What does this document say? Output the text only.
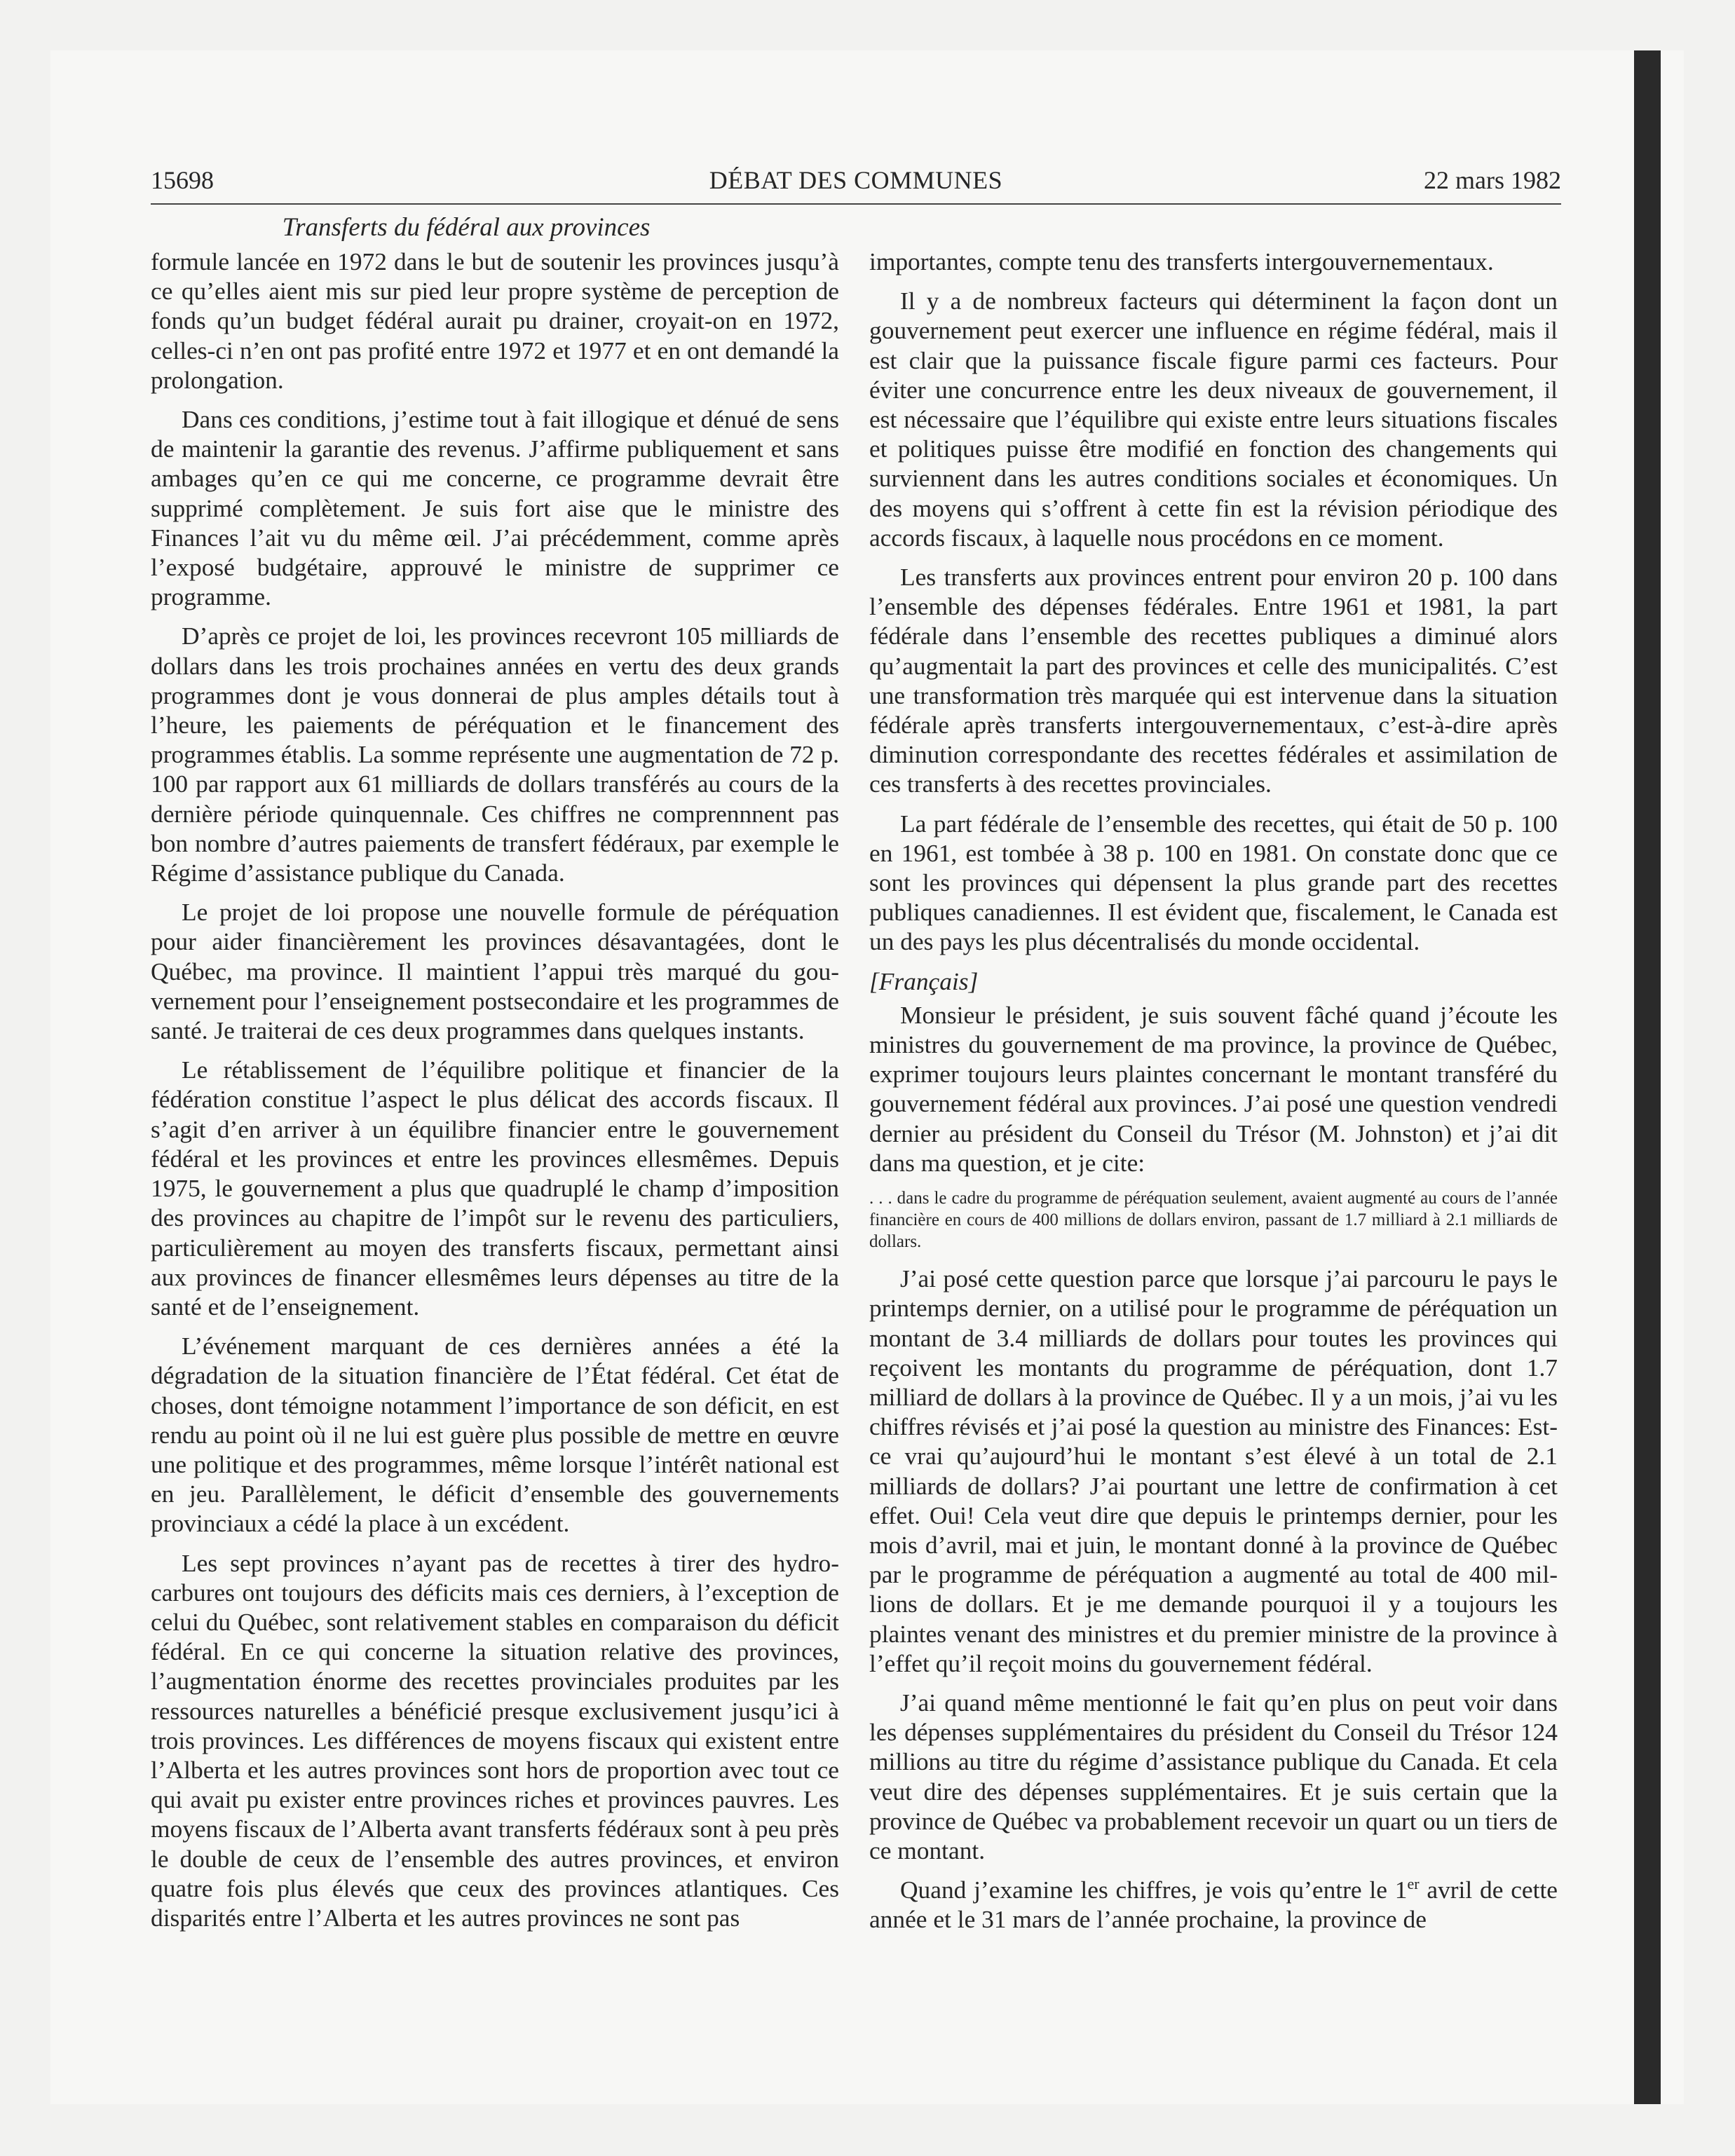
15698	DÉBAT DES COMMUNES	22 mars 1982
Transferts du fédéral aux provinces

formule lancée en 1972 dans le but de soutenir les provinces jusqu’à ce qu’elles aient mis sur pied leur propre système de perception de fonds qu’un budget fédéral aurait pu drainer, croyait-on en 1972, celles-ci n’en ont pas profité entre 1972 et 1977 et en ont demandé la prolongation.

Dans ces conditions, j’estime tout à fait illogique et dénué de sens de maintenir la garantie des revenus. J’affirme publiquement et sans ambages qu’en ce qui me concerne, ce programme devrait être supprimé complètement. Je suis fort aise que le ministre des Finances l’ait vu du même œil. J’ai précédemment, comme après l’exposé budgétaire, approuvé le ministre de supprimer ce programme.

D’après ce projet de loi, les provinces recevront 105 milliards de dollars dans les trois prochaines années en vertu des deux grands programmes dont je vous donnerai de plus amples détails tout à l’heure, les paiements de péréquation et le financement des programmes établis. La somme représente une augmentation de 72 p. 100 par rapport aux 61 milliards de dollars transférés au cours de la dernière période quinquennale. Ces chiffres ne comprennnent pas bon nombre d’autres paiements de transfert fédéraux, par exemple le Régime d’assistance publique du Canada.

Le projet de loi propose une nouvelle formule de péréquation pour aider financièrement les provinces désavantagées, dont le Québec, ma province. Il maintient l’appui très marqué du gouvernement pour l’enseignement postsecondaire et les programmes de santé. Je traiterai de ces deux programmes dans quelques instants.

Le rétablissement de l’équilibre politique et financier de la fédération constitue l’aspect le plus délicat des accords fiscaux. Il s’agit d’en arriver à un équilibre financier entre le gouvernement fédéral et les provinces et entre les provinces ellesmêmes. Depuis 1975, le gouvernement a plus que quadruplé le champ d’imposition des provinces au chapitre de l’impôt sur le revenu des particuliers, particulièrement au moyen des transferts fiscaux, permettant ainsi aux provinces de financer ellesmêmes leurs dépenses au titre de la santé et de l’enseignement.

L’événement marquant de ces dernières années a été la dégradation de la situation financière de l’État fédéral. Cet état de choses, dont témoigne notamment l’importance de son déficit, en est rendu au point où il ne lui est guère plus possible de mettre en œuvre une politique et des programmes, même lorsque l’intérêt national est en jeu. Parallèlement, le déficit d’ensemble des gouvernements provinciaux a cédé la place à un excédent.

Les sept provinces n’ayant pas de recettes à tirer des hydrocarbures ont toujours des déficits mais ces derniers, à l’exception de celui du Québec, sont relativement stables en comparaison du déficit fédéral. En ce qui concerne la situation relative des provinces, l’augmentation énorme des recettes provinciales produites par les ressources naturelles a bénéficié presque exclusivement jusqu’ici à trois provinces. Les différences de moyens fiscaux qui existent entre l’Alberta et les autres provinces sont hors de proportion avec tout ce qui avait pu exister entre provinces riches et provinces pauvres. Les moyens fiscaux de l’Alberta avant transferts fédéraux sont à peu près le double de ceux de l’ensemble des autres provinces, et environ quatre fois plus élevés que ceux des provinces atlantiques. Ces disparités entre l’Alberta et les autres provinces ne sont pas

importantes, compte tenu des transferts intergouvernementaux.

Il y a de nombreux facteurs qui déterminent la façon dont un gouvernement peut exercer une influence en régime fédéral, mais il est clair que la puissance fiscale figure parmi ces facteurs. Pour éviter une concurrence entre les deux niveaux de gouvernement, il est nécessaire que l’équilibre qui existe entre leurs situations fiscales et politiques puisse être modifié en fonction des changements qui surviennent dans les autres conditions sociales et économiques. Un des moyens qui s’offrent à cette fin est la révision périodique des accords fiscaux, à laquelle nous procédons en ce moment.

Les transferts aux provinces entrent pour environ 20 p. 100 dans l’ensemble des dépenses fédérales. Entre 1961 et 1981, la part fédérale dans l’ensemble des recettes publiques a diminué alors qu’augmentait la part des provinces et celle des municipalités. C’est une transformation très marquée qui est intervenue dans la situation fédérale après transferts intergouvernementaux, c’est-à-dire après diminution correspondante des recettes fédérales et assimilation de ces transferts à des recettes provinciales.

La part fédérale de l’ensemble des recettes, qui était de 50 p. 100 en 1961, est tombée à 38 p. 100 en 1981. On constate donc que ce sont les provinces qui dépensent la plus grande part des recettes publiques canadiennes. Il est évident que, fiscalement, le Canada est un des pays les plus décentralisés du monde occidental.

[Français]

Monsieur le président, je suis souvent fâché quand j’écoute les ministres du gouvernement de ma province, la province de Québec, exprimer toujours leurs plaintes concernant le montant transféré du gouvernement fédéral aux provinces. J’ai posé une question vendredi dernier au président du Conseil du Trésor (M. Johnston) et j’ai dit dans ma question, et je cite:

. . . dans le cadre du programme de péréquation seulement, avaient augmenté au cours de l’année financière en cours de 400 millions de dollars environ, passant de 1.7 milliard à 2.1 milliards de dollars.

J’ai posé cette question parce que lorsque j’ai parcouru le pays le printemps dernier, on a utilisé pour le programme de péréquation un montant de 3.4 milliards de dollars pour toutes les provinces qui reçoivent les montants du programme de péréquation, dont 1.7 milliard de dollars à la province de Québec. Il y a un mois, j’ai vu les chiffres révisés et j’ai posé la question au ministre des Finances: Est-ce vrai qu’aujourd’hui le montant s’est élevé à un total de 2.1 milliards de dollars? J’ai pourtant une lettre de confirmation à cet effet. Oui! Cela veut dire que depuis le printemps dernier, pour les mois d’avril, mai et juin, le montant donné à la province de Québec par le programme de péréquation a augmenté au total de 400 millions de dollars. Et je me demande pourquoi il y a toujours les plaintes venant des ministres et du premier ministre de la province à l’effet qu’il reçoit moins du gouvernement fédéral.

J’ai quand même mentionné le fait qu’en plus on peut voir dans les dépenses supplémentaires du président du Conseil du Trésor 124 millions au titre du régime d’assistance publique du Canada. Et cela veut dire des dépenses supplémentaires. Et je suis certain que la province de Québec va probablement recevoir un quart ou un tiers de ce montant.

Quand j’examine les chiffres, je vois qu’entre le 1er avril de cette année et le 31 mars de l’année prochaine, la province de
